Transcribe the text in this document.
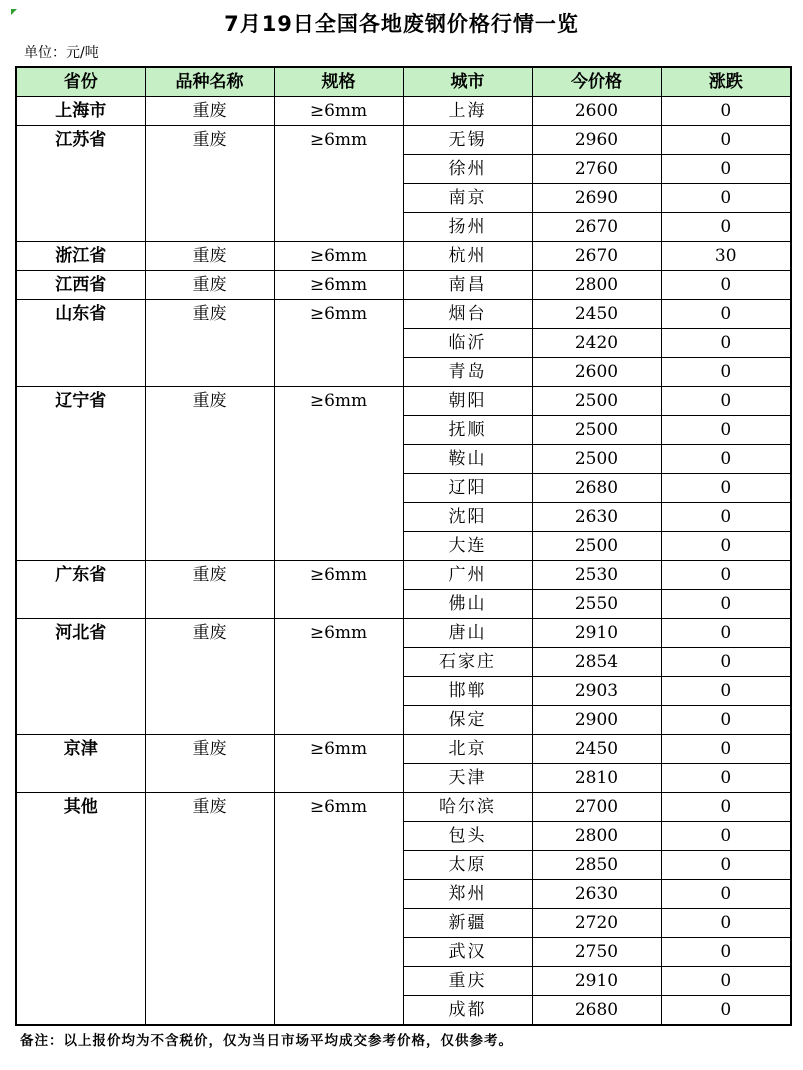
7月19日全国各地废钢价格行情一览
单位：元/吨
省份	品种名称	规格	城市	今价格	涨跌
上海市	重废	≥6mm	上海	2600	0
江苏省	重废	≥6mm	无锡	2960	0
			徐州	2760	0
			南京	2690	0
			扬州	2670	0
浙江省	重废	≥6mm	杭州	2670	30
江西省	重废	≥6mm	南昌	2800	0
山东省	重废	≥6mm	烟台	2450	0
			临沂	2420	0
			青岛	2600	0
辽宁省	重废	≥6mm	朝阳	2500	0
			抚顺	2500	0
			鞍山	2500	0
			辽阳	2680	0
			沈阳	2630	0
			大连	2500	0
广东省	重废	≥6mm	广州	2530	0
			佛山	2550	0
河北省	重废	≥6mm	唐山	2910	0
			石家庄	2854	0
			邯郸	2903	0
			保定	2900	0
京津	重废	≥6mm	北京	2450	0
			天津	2810	0
其他	重废	≥6mm	哈尔滨	2700	0
			包头	2800	0
			太原	2850	0
			郑州	2630	0
			新疆	2720	0
			武汉	2750	0
			重庆	2910	0
			成都	2680	0
备注：以上报价均为不含税价，仅为当日市场平均成交参考价格，仅供参考。
